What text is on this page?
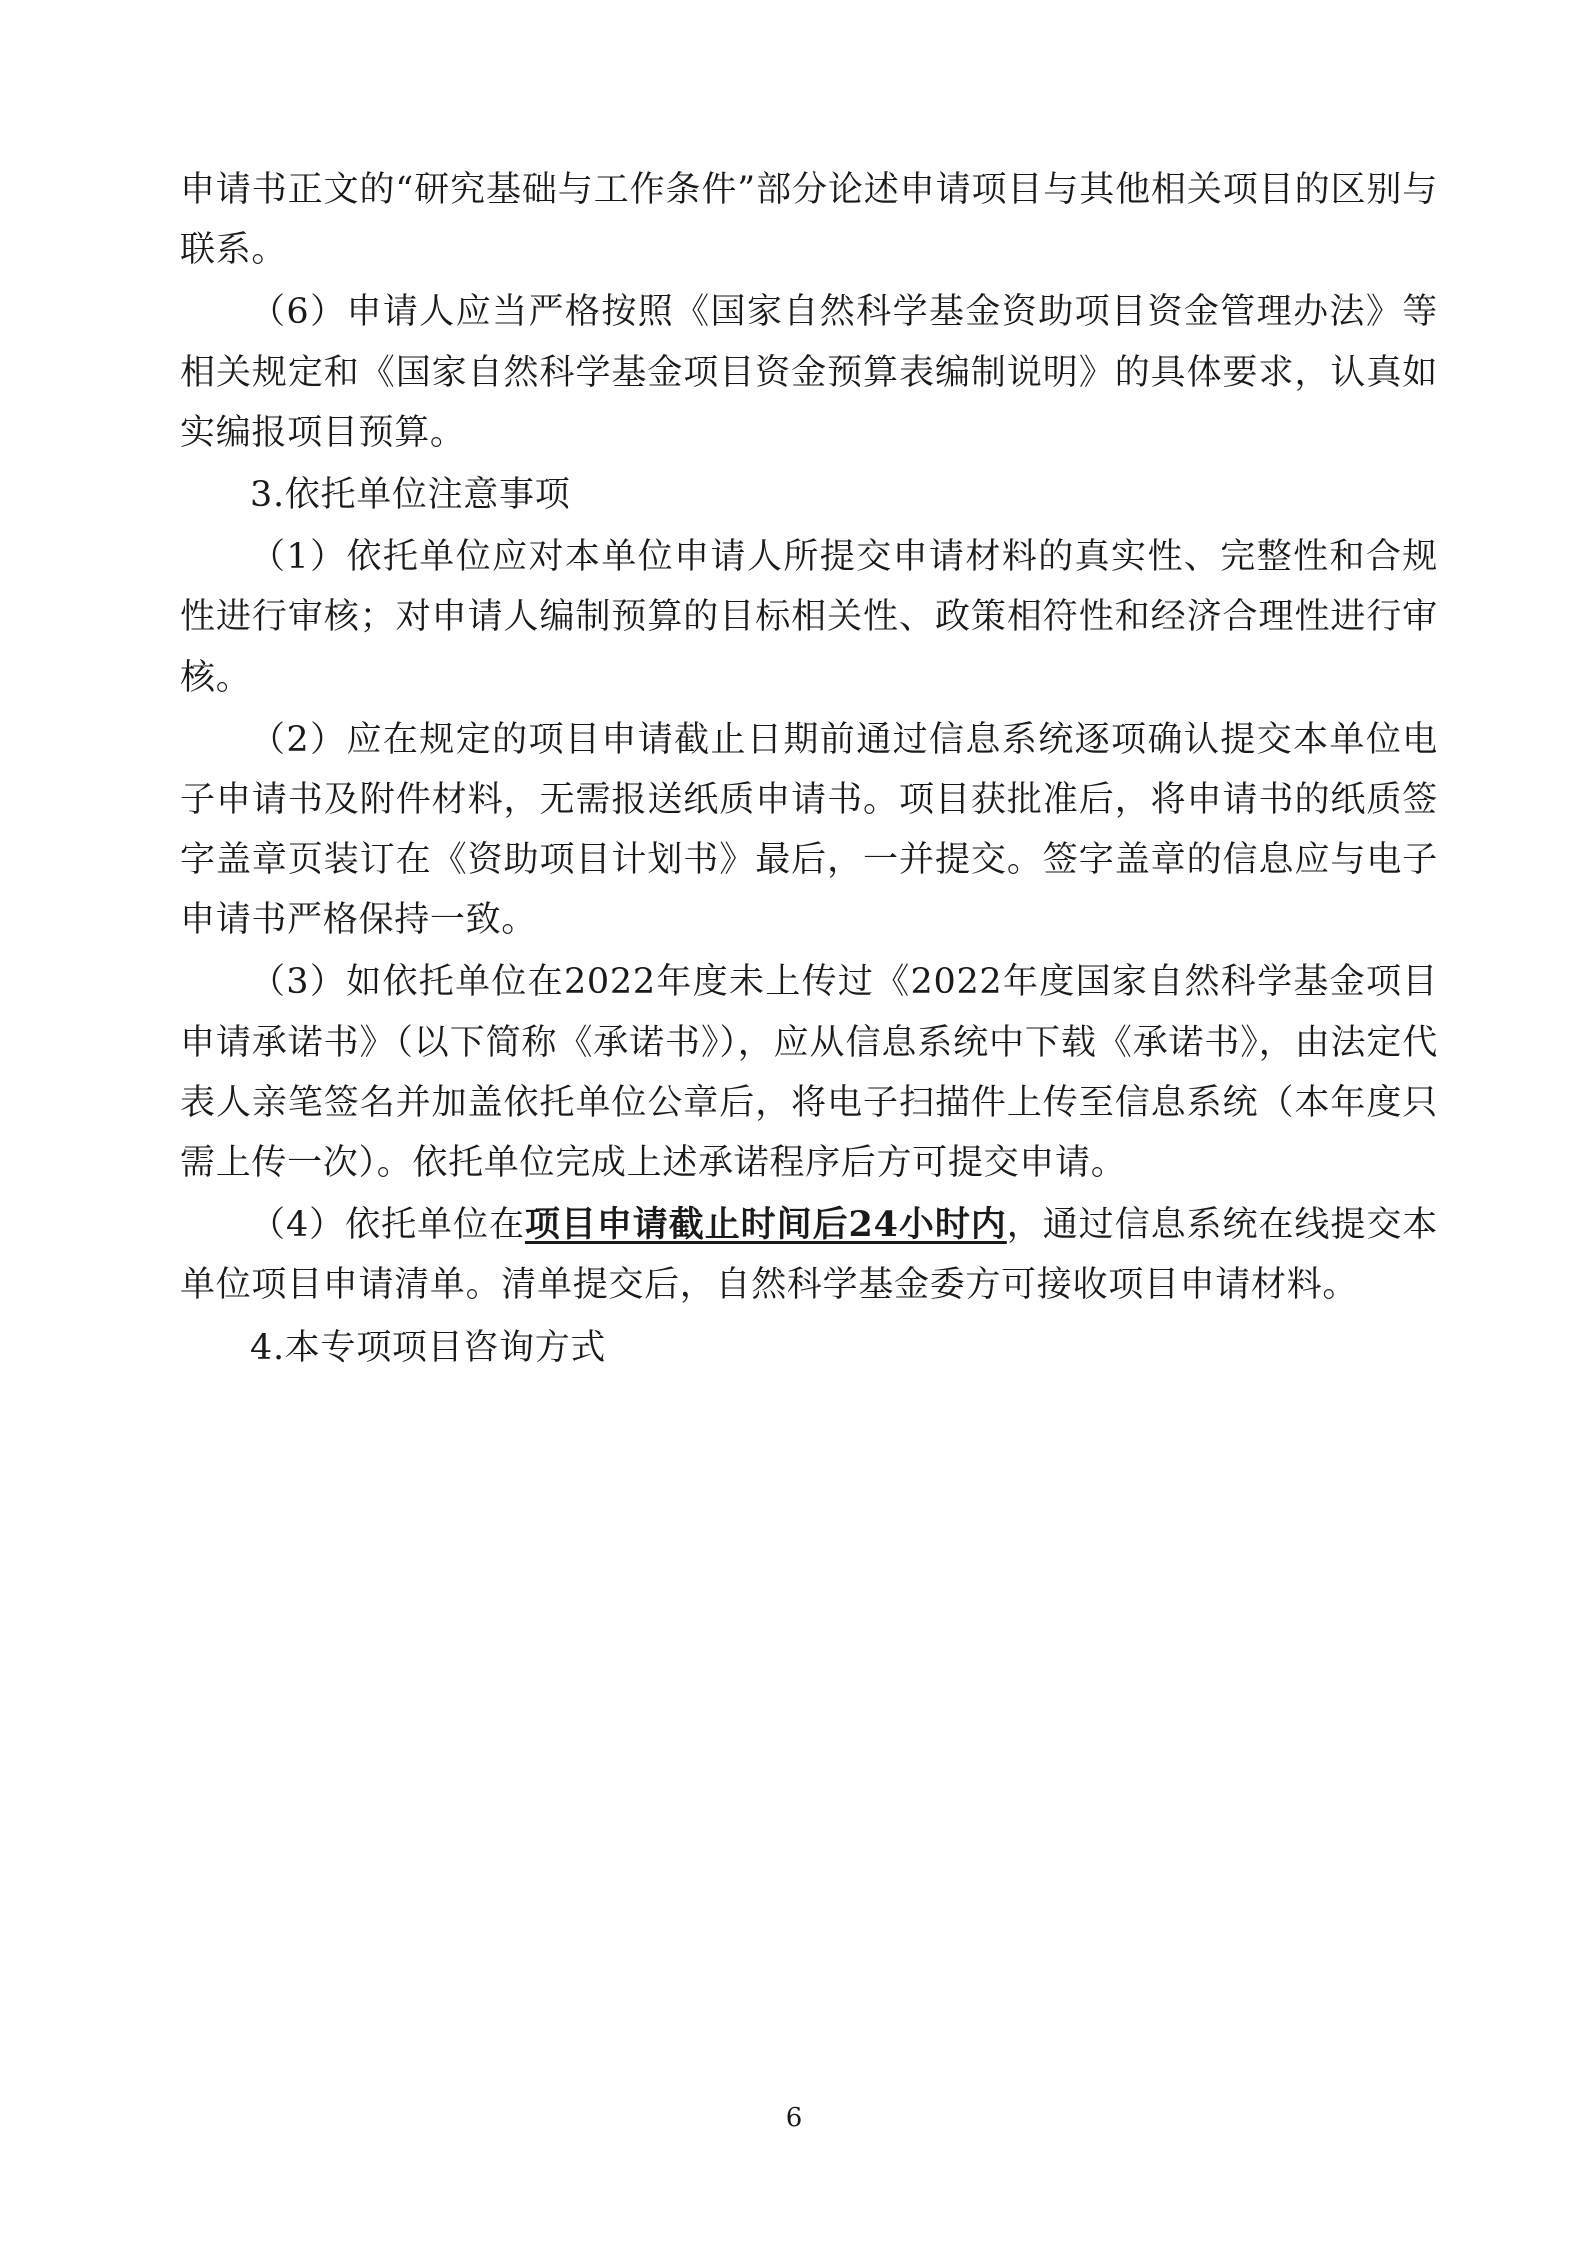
申请书正文的“研究基础与工作条件”部分论述申请项目与其他相关项目的区别与联系。

（6）申请人应当严格按照《国家自然科学基金资助项目资金管理办法》等相关规定和《国家自然科学基金项目资金预算表编制说明》的具体要求，认真如实编报项目预算。

3.依托单位注意事项

（1）依托单位应对本单位申请人所提交申请材料的真实性、完整性和合规性进行审核；对申请人编制预算的目标相关性、政策相符性和经济合理性进行审核。

（2）应在规定的项目申请截止日期前通过信息系统逐项确认提交本单位电子申请书及附件材料，无需报送纸质申请书。项目获批准后，将申请书的纸质签字盖章页装订在《资助项目计划书》最后，一并提交。签字盖章的信息应与电子申请书严格保持一致。

（3）如依托单位在2022年度未上传过《2022年度国家自然科学基金项目申请承诺书》（以下简称《承诺书》），应从信息系统中下载《承诺书》，由法定代表人亲笔签名并加盖依托单位公章后，将电子扫描件上传至信息系统（本年度只需上传一次）。依托单位完成上述承诺程序后方可提交申请。

（4）依托单位在项目申请截止时间后24小时内，通过信息系统在线提交本单位项目申请清单。清单提交后，自然科学基金委方可接收项目申请材料。

4.本专项项目咨询方式

6
